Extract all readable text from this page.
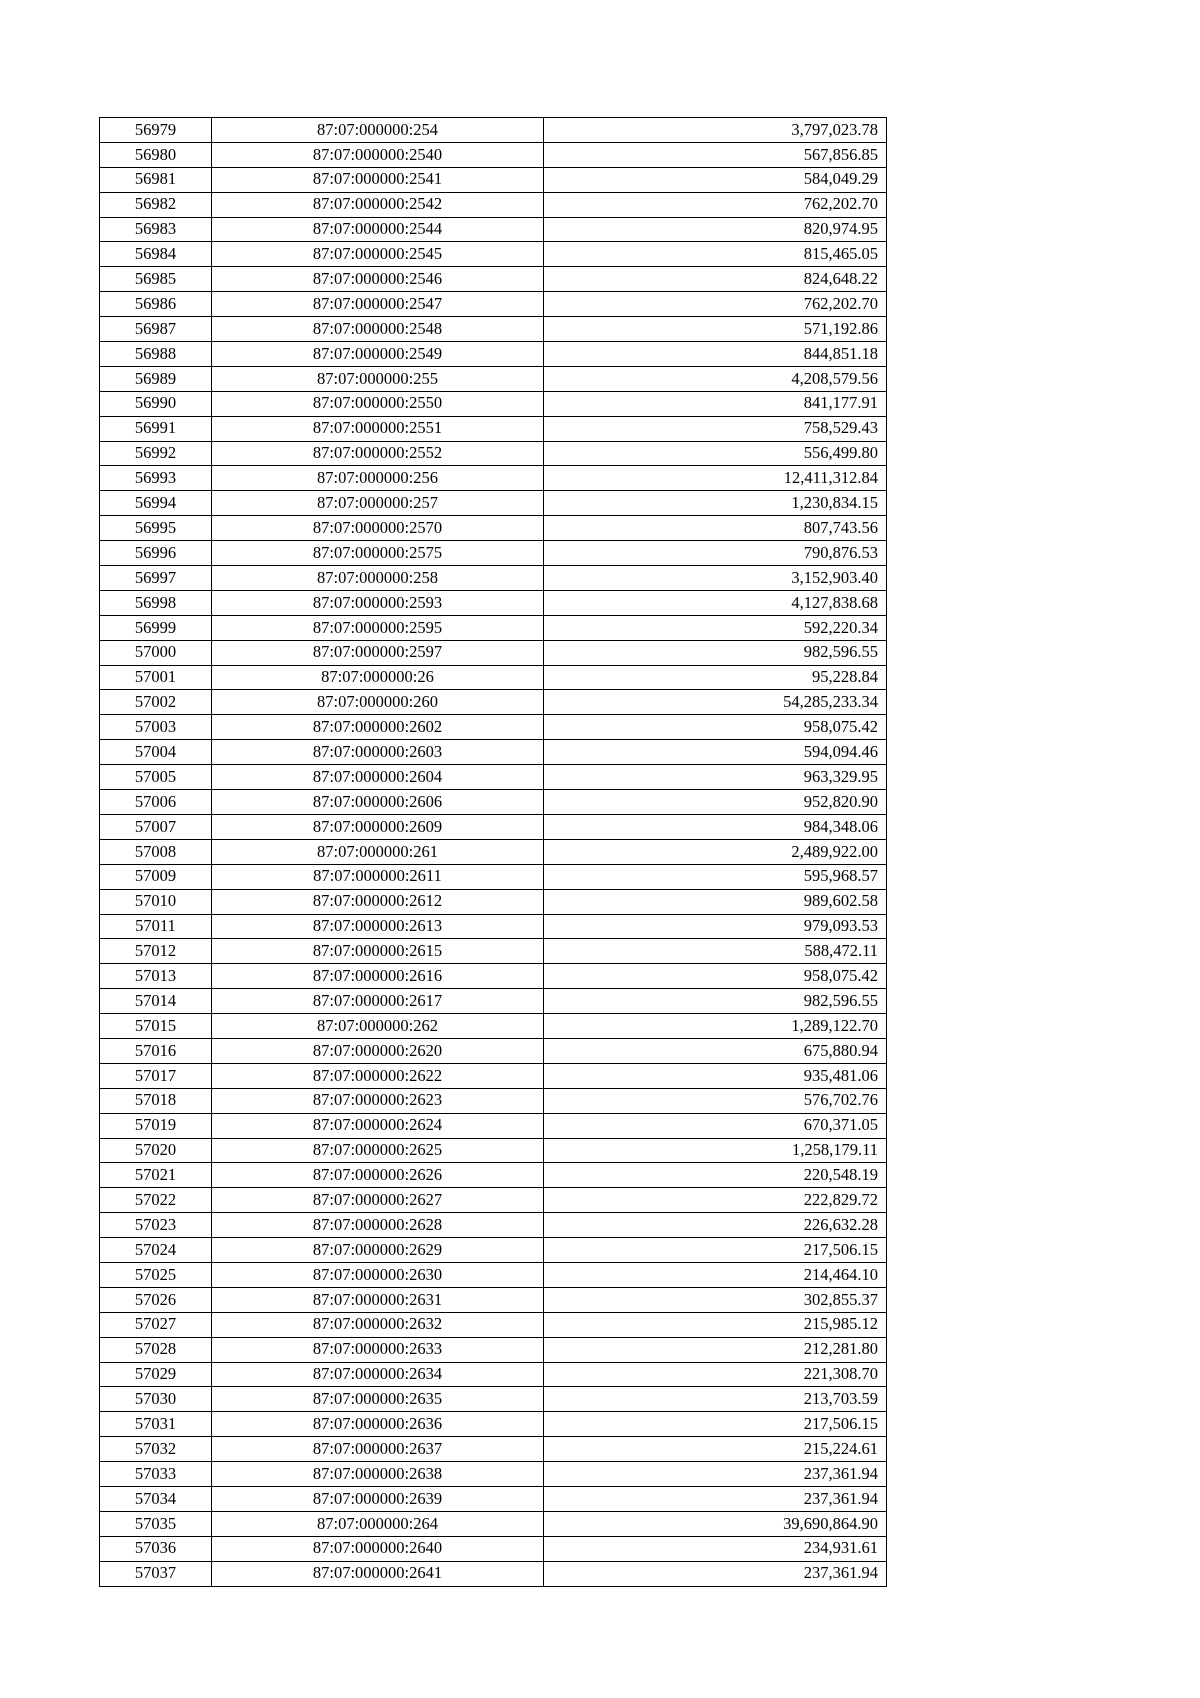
56979	87:07:000000:254	3,797,023.78
56980	87:07:000000:2540	567,856.85
56981	87:07:000000:2541	584,049.29
56982	87:07:000000:2542	762,202.70
56983	87:07:000000:2544	820,974.95
56984	87:07:000000:2545	815,465.05
56985	87:07:000000:2546	824,648.22
56986	87:07:000000:2547	762,202.70
56987	87:07:000000:2548	571,192.86
56988	87:07:000000:2549	844,851.18
56989	87:07:000000:255	4,208,579.56
56990	87:07:000000:2550	841,177.91
56991	87:07:000000:2551	758,529.43
56992	87:07:000000:2552	556,499.80
56993	87:07:000000:256	12,411,312.84
56994	87:07:000000:257	1,230,834.15
56995	87:07:000000:2570	807,743.56
56996	87:07:000000:2575	790,876.53
56997	87:07:000000:258	3,152,903.40
56998	87:07:000000:2593	4,127,838.68
56999	87:07:000000:2595	592,220.34
57000	87:07:000000:2597	982,596.55
57001	87:07:000000:26	95,228.84
57002	87:07:000000:260	54,285,233.34
57003	87:07:000000:2602	958,075.42
57004	87:07:000000:2603	594,094.46
57005	87:07:000000:2604	963,329.95
57006	87:07:000000:2606	952,820.90
57007	87:07:000000:2609	984,348.06
57008	87:07:000000:261	2,489,922.00
57009	87:07:000000:2611	595,968.57
57010	87:07:000000:2612	989,602.58
57011	87:07:000000:2613	979,093.53
57012	87:07:000000:2615	588,472.11
57013	87:07:000000:2616	958,075.42
57014	87:07:000000:2617	982,596.55
57015	87:07:000000:262	1,289,122.70
57016	87:07:000000:2620	675,880.94
57017	87:07:000000:2622	935,481.06
57018	87:07:000000:2623	576,702.76
57019	87:07:000000:2624	670,371.05
57020	87:07:000000:2625	1,258,179.11
57021	87:07:000000:2626	220,548.19
57022	87:07:000000:2627	222,829.72
57023	87:07:000000:2628	226,632.28
57024	87:07:000000:2629	217,506.15
57025	87:07:000000:2630	214,464.10
57026	87:07:000000:2631	302,855.37
57027	87:07:000000:2632	215,985.12
57028	87:07:000000:2633	212,281.80
57029	87:07:000000:2634	221,308.70
57030	87:07:000000:2635	213,703.59
57031	87:07:000000:2636	217,506.15
57032	87:07:000000:2637	215,224.61
57033	87:07:000000:2638	237,361.94
57034	87:07:000000:2639	237,361.94
57035	87:07:000000:264	39,690,864.90
57036	87:07:000000:2640	234,931.61
57037	87:07:000000:2641	237,361.94
